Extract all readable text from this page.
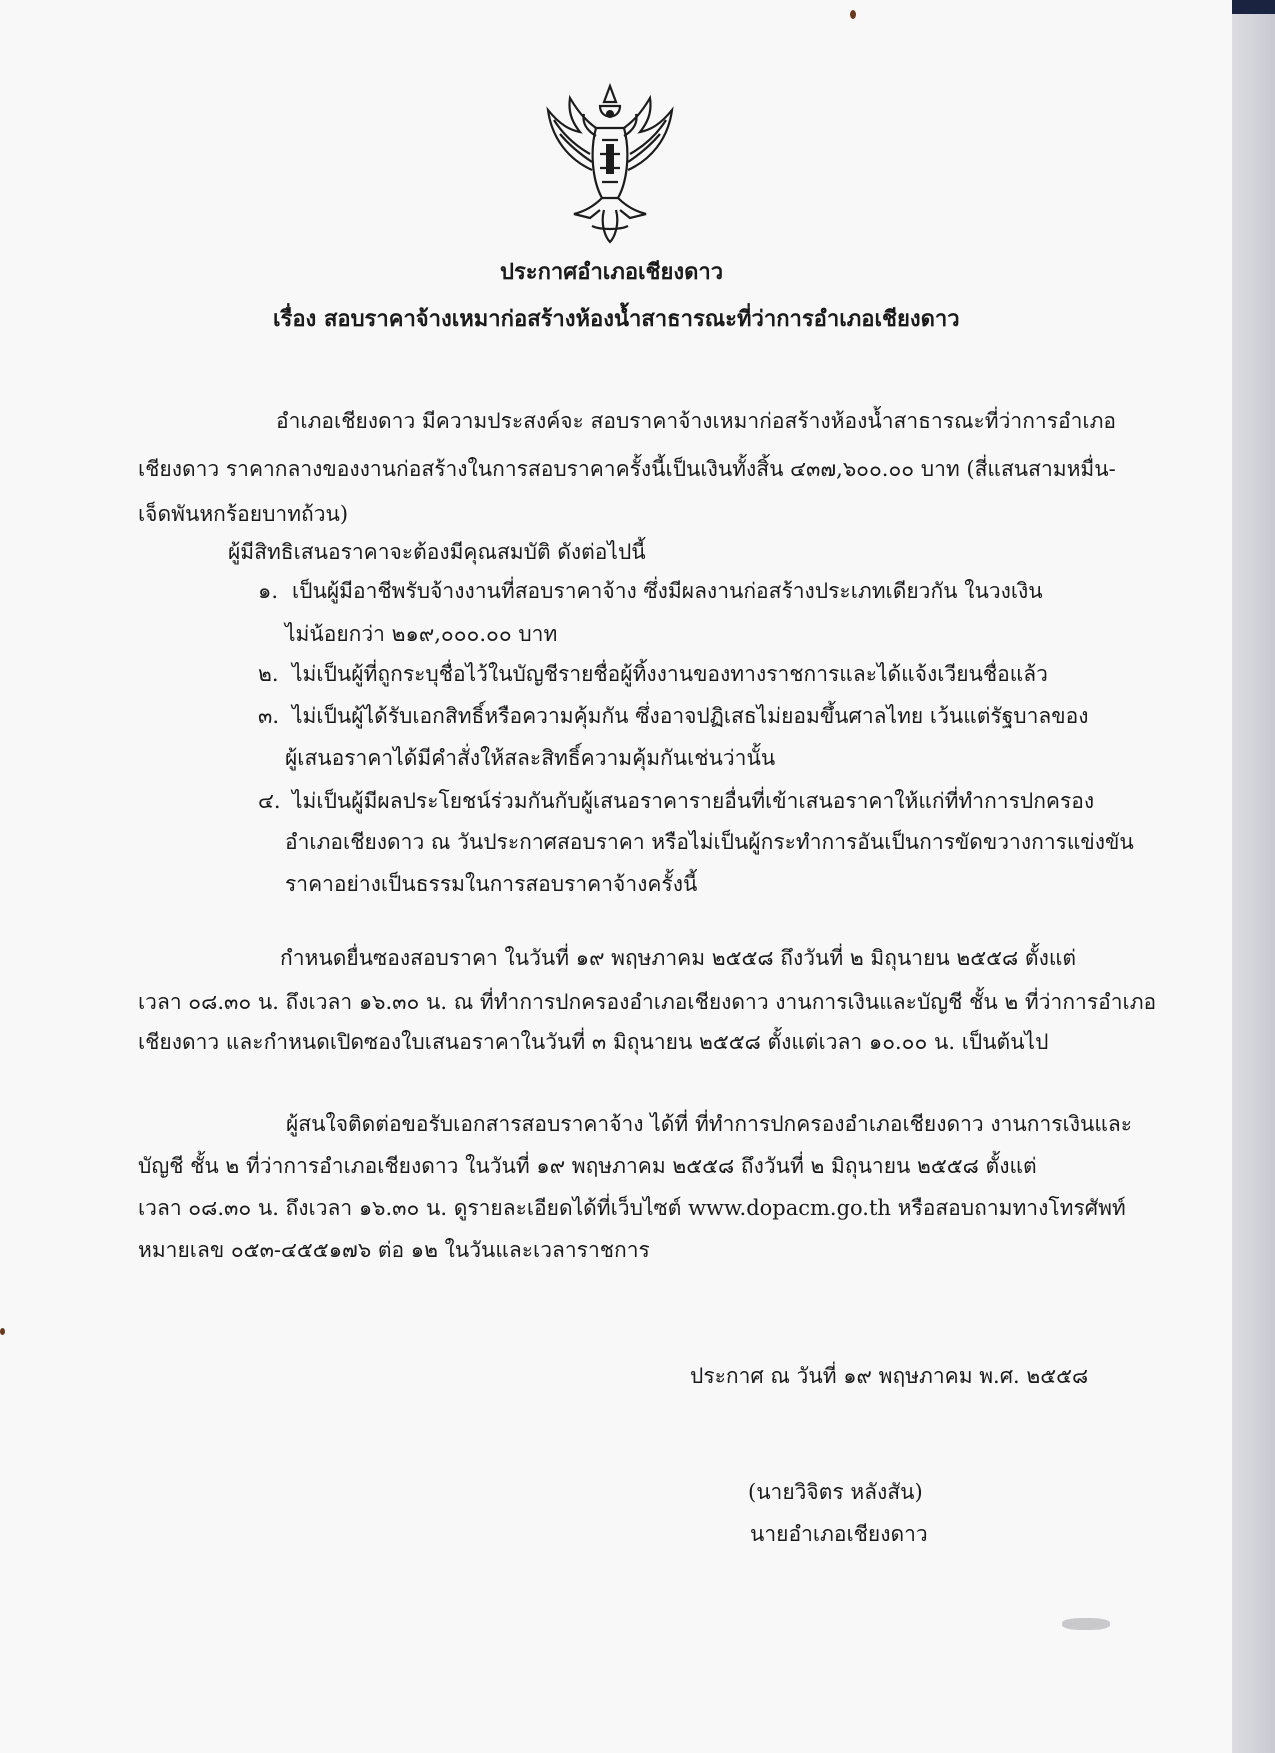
ประกาศอำเภอเชียงดาว
เรื่อง สอบราคาจ้างเหมาก่อสร้างห้องน้ำสาธารณะที่ว่าการอำเภอเชียงดาว
อำเภอเชียงดาว มีความประสงค์จะ สอบราคาจ้างเหมาก่อสร้างห้องน้ำสาธารณะที่ว่าการอำเภอ
เชียงดาว ราคากลางของงานก่อสร้างในการสอบราคาครั้งนี้เป็นเงินทั้งสิ้น ๔๓๗,๖๐๐.๐๐ บาท (สี่แสนสามหมื่น-
เจ็ดพันหกร้อยบาทถ้วน)
ผู้มีสิทธิเสนอราคาจะต้องมีคุณสมบัติ ดังต่อไปนี้
๑. เป็นผู้มีอาชีพรับจ้างงานที่สอบราคาจ้าง ซึ่งมีผลงานก่อสร้างประเภทเดียวกัน ในวงเงิน
ไม่น้อยกว่า ๒๑๙,๐๐๐.๐๐ บาท
๒. ไม่เป็นผู้ที่ถูกระบุชื่อไว้ในบัญชีรายชื่อผู้ทิ้งงานของทางราชการและได้แจ้งเวียนชื่อแล้ว
๓. ไม่เป็นผู้ได้รับเอกสิทธิ์หรือความคุ้มกัน ซึ่งอาจปฏิเสธไม่ยอมขึ้นศาลไทย เว้นแต่รัฐบาลของ
ผู้เสนอราคาได้มีคำสั่งให้สละสิทธิ์ความคุ้มกันเช่นว่านั้น
๔. ไม่เป็นผู้มีผลประโยชน์ร่วมกันกับผู้เสนอราคารายอื่นที่เข้าเสนอราคาให้แก่ที่ทำการปกครอง
อำเภอเชียงดาว ณ วันประกาศสอบราคา หรือไม่เป็นผู้กระทำการอันเป็นการขัดขวางการแข่งขัน
ราคาอย่างเป็นธรรมในการสอบราคาจ้างครั้งนี้
กำหนดยื่นซองสอบราคา ในวันที่ ๑๙ พฤษภาคม ๒๕๕๘ ถึงวันที่ ๒ มิถุนายน ๒๕๕๘ ตั้งแต่
เวลา ๐๘.๓๐ น. ถึงเวลา ๑๖.๓๐ น. ณ ที่ทำการปกครองอำเภอเชียงดาว งานการเงินและบัญชี ชั้น ๒ ที่ว่าการอำเภอ
เชียงดาว และกำหนดเปิดซองใบเสนอราคาในวันที่ ๓ มิถุนายน ๒๕๕๘ ตั้งแต่เวลา ๑๐.๐๐ น. เป็นต้นไป
ผู้สนใจติดต่อขอรับเอกสารสอบราคาจ้าง ได้ที่ ที่ทำการปกครองอำเภอเชียงดาว งานการเงินและ
บัญชี ชั้น ๒ ที่ว่าการอำเภอเชียงดาว ในวันที่ ๑๙ พฤษภาคม ๒๕๕๘ ถึงวันที่ ๒ มิถุนายน ๒๕๕๘ ตั้งแต่
เวลา ๐๘.๓๐ น. ถึงเวลา ๑๖.๓๐ น. ดูรายละเอียดได้ที่เว็บไซต์ www.dopacm.go.th หรือสอบถามทางโทรศัพท์
หมายเลข ๐๕๓-๔๕๕๑๗๖ ต่อ ๑๒ ในวันและเวลาราชการ
ประกาศ ณ วันที่ ๑๙ พฤษภาคม พ.ศ. ๒๕๕๘
(นายวิจิตร หลังสัน)
นายอำเภอเชียงดาว
